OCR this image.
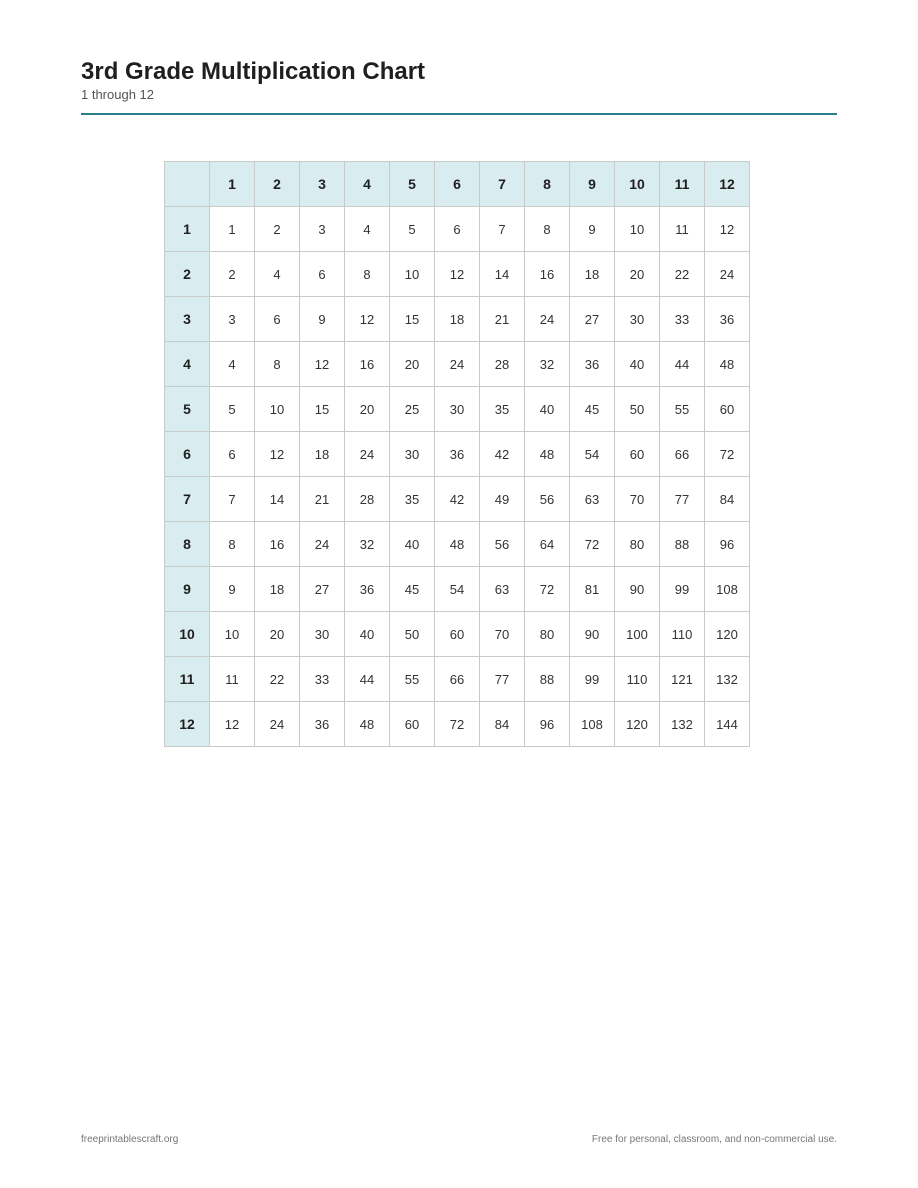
3rd Grade Multiplication Chart
1 through 12
	1	2	3	4	5	6	7	8	9	10	11	12
1	1	2	3	4	5	6	7	8	9	10	11	12
2	2	4	6	8	10	12	14	16	18	20	22	24
3	3	6	9	12	15	18	21	24	27	30	33	36
4	4	8	12	16	20	24	28	32	36	40	44	48
5	5	10	15	20	25	30	35	40	45	50	55	60
6	6	12	18	24	30	36	42	48	54	60	66	72
7	7	14	21	28	35	42	49	56	63	70	77	84
8	8	16	24	32	40	48	56	64	72	80	88	96
9	9	18	27	36	45	54	63	72	81	90	99	108
10	10	20	30	40	50	60	70	80	90	100	110	120
11	11	22	33	44	55	66	77	88	99	110	121	132
12	12	24	36	48	60	72	84	96	108	120	132	144
freeprintablescraft.org	Free for personal, classroom, and non-commercial use.
